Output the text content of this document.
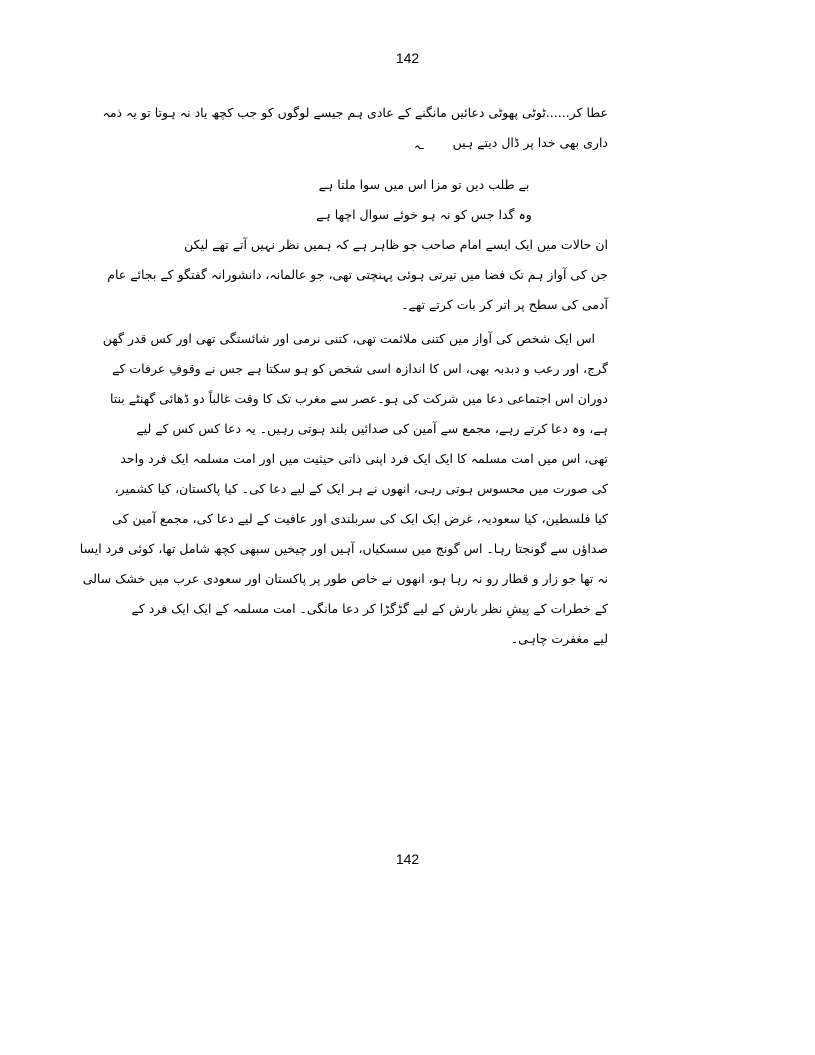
142
عطا کر......ٹوٹی پھوٹی دعائیں مانگنے کے عادی ہم جیسے لوگوں کو جب کچھ یاد نہ ہوتا تو یہ ذمہ
داری بھی خدا پر ڈال دیتے ہیں
ـہ
بے طلب دیں تو مزا اس میں سوا ملتا ہے
وہ گدا جس کو نہ ہو خوئے سوال اچھا ہے
ان حالات میں ایک ایسے امام صاحب جو ظاہر ہے کہ ہمیں نظر نہیں آتے تھے لیکن
جن کی آواز ہم تک فضا میں تیرتی ہوئی پہنچتی تھی، جو عالمانہ، دانشورانہ گفتگو کے بجائے عام
آدمی کی سطح پر اتر کر بات کرتے تھے۔
اس ایک شخص کی آواز میں کتنی ملائمت تھی، کتنی نرمی اور شائستگی تھی اور کس قدر گھن
گرج، اور رعب و دبدبہ بھی، اس کا اندازہ اسی شخص کو ہو سکتا ہے جس نے وقوفِ عرفات کے
دوران اس اجتماعی دعا میں شرکت کی ہو۔عصر سے مغرب تک کا وقت غالباً دو ڈھائی گھنٹے بنتا
ہے، وہ دعا کرتے رہے، مجمع سے آمین کی صدائیں بلند ہوتی رہیں۔ یہ دعا کس کس کے لیے
تھی، اس میں امت مسلمہ کا ایک ایک فرد اپنی ذاتی حیثیت میں اور امت مسلمہ ایک فرد واحد
کی صورت میں محسوس ہوتی رہی، انھوں نے ہر ایک کے لیے دعا کی۔ کیا پاکستان، کیا کشمیر،
کیا فلسطین، کیا سعودیہ، غرض ایک ایک کی سربلندی اور عافیت کے لیے دعا کی، مجمع آمین کی
صداؤں سے گونجتا رہا۔ اس گونج میں سسکیاں، آہیں اور چیخیں سبھی کچھ شامل تھا، کوئی فرد ایسا
نہ تھا جو زار و قطار رو نہ رہا ہو، انھوں نے خاص طور پر پاکستان اور سعودی عرب میں خشک سالی
کے خطرات کے پیشِ نظر بارش کے لیے گڑگڑا کر دعا مانگی۔ امت مسلمہ کے ایک ایک فرد کے
لیے مغفرت چاہی۔
142
